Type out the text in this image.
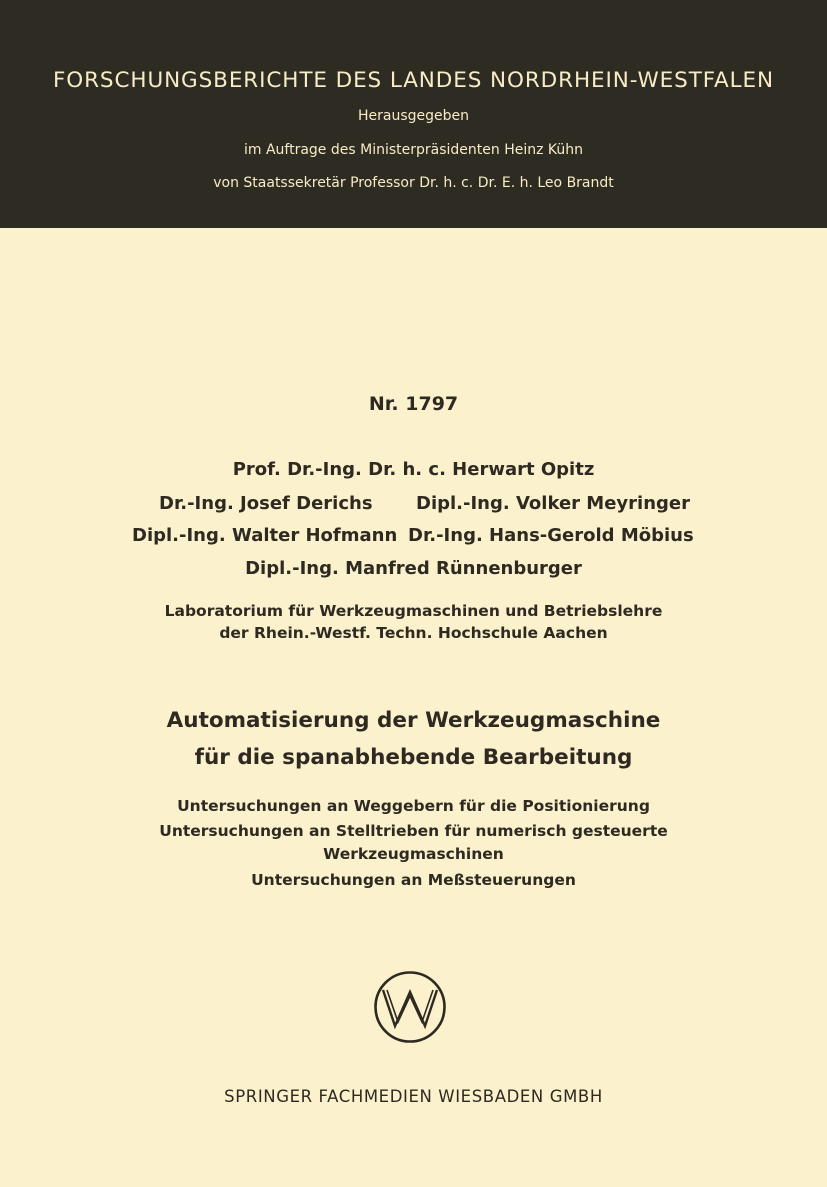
FORSCHUNGSBERICHTE DES LANDES NORDRHEIN-WESTFALEN
Herausgegeben
im Auftrage des Ministerpräsidenten Heinz Kühn
von Staatssekretär Professor Dr. h. c. Dr. E. h. Leo Brandt
Nr. 1797
Prof. Dr.-Ing. Dr. h. c. Herwart Opitz
Dr.-Ing. Josef Derichs Dipl.-Ing. Volker Meyringer
Dipl.-Ing. Walter Hofmann Dr.-Ing. Hans-Gerold Möbius
Dipl.-Ing. Manfred Rünnenburger
Laboratorium für Werkzeugmaschinen und Betriebslehre
der Rhein.-Westf. Techn. Hochschule Aachen
Automatisierung der Werkzeugmaschine
für die spanabhebende Bearbeitung
Untersuchungen an Weggebern für die Positionierung
Untersuchungen an Stelltrieben für numerisch gesteuerte
Werkzeugmaschinen
Untersuchungen an Meßsteuerungen
SPRINGER FACHMEDIEN WIESBADEN GMBH
